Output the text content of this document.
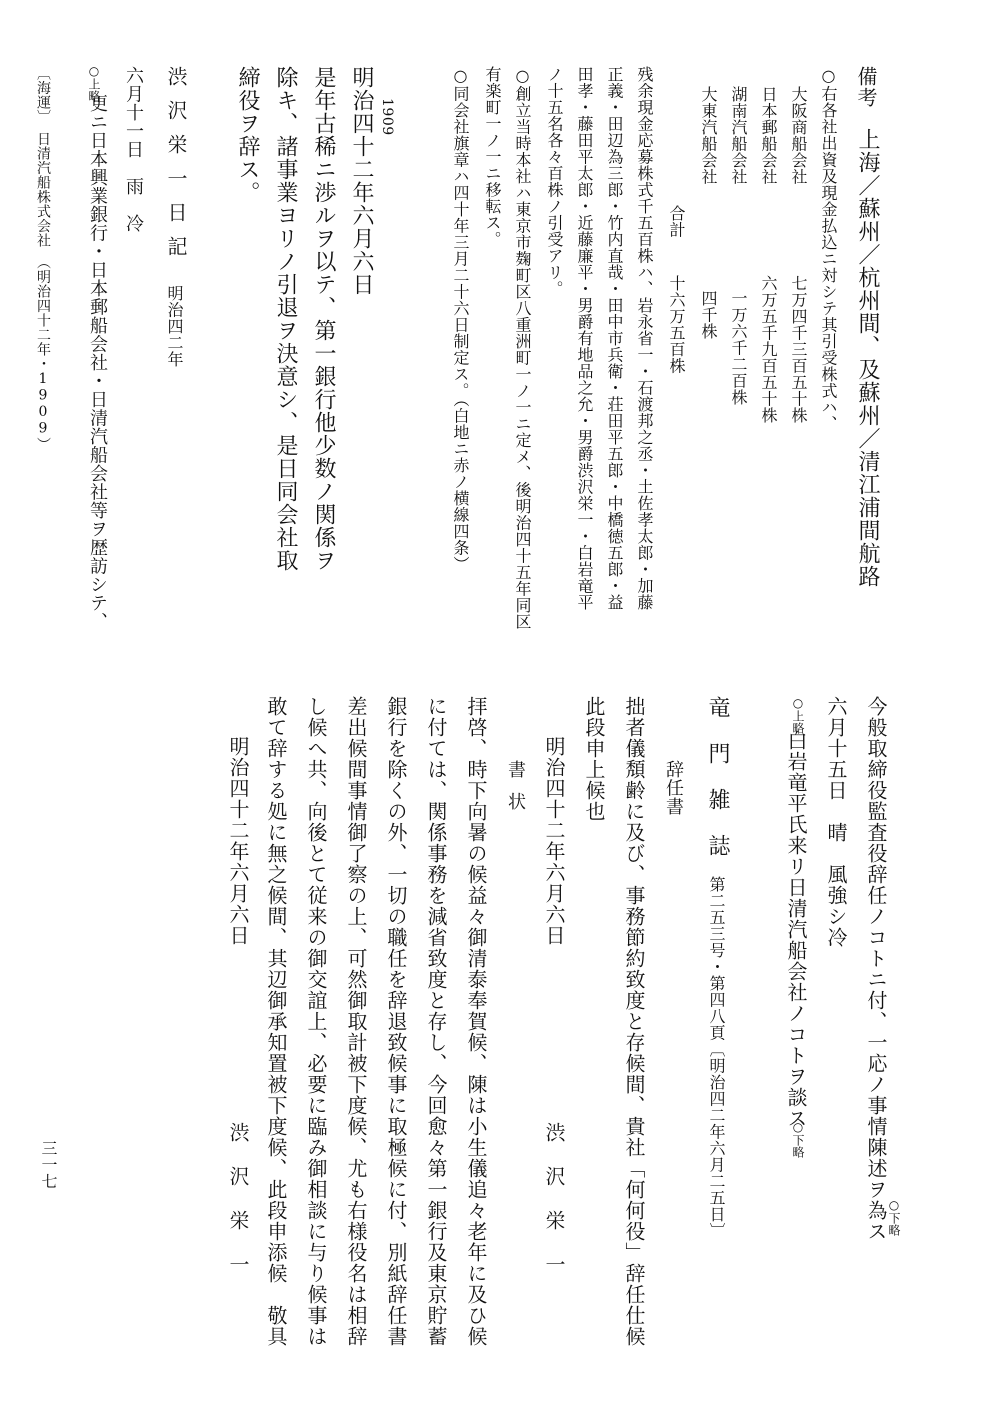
備考
上海／蘇州／杭州間、及蘇州／清江浦間航路
○右各社出資及現金払込ニ対シテ其引受株式ハ、
大阪商船会社
七万四千三百五十株
日本郵船会社
六万五千九百五十株
湖南汽船会社
一万六千二百株
大東汽船会社
四千株
合計
十六万五百株
残余現金応募株式千五百株ハ、岩永省一・石渡邦之丞・土佐孝太郎・加藤
正義・田辺為三郎・竹内直哉・田中市兵衛・荘田平五郎・中橋徳五郎・益
田孝・藤田平太郎・近藤廉平・男爵有地品之允・男爵渋沢栄一・白岩竜平
ノ十五名各々百株ノ引受アリ。
○創立当時本社ハ東京市麹町区八重洲町一ノ一ニ定メ、後明治四十五年同区
有楽町一ノ一ニ移転ス。
○同会社旗章ハ四十年三月二十六日制定ス。（白地ニ赤ノ横線四条）
1909
明治四十二年六月六日
是年古稀ニ渉ルヲ以テ、第一銀行他少数ノ関係ヲ
除キ、諸事業ヨリノ引退ヲ決意シ、是日同会社取
締役ヲ辞ス。
渋沢栄一日記
明治四二年
六月十一日　雨　冷
○上略
更ニ日本興業銀行・日本郵船会社・日清汽船会社等ヲ歴訪シテ、
〔海運〕　日清汽船株式会社　（明治四十二年・1909）
今般取締役監査役辞任ノコトニ付、一応ノ事情陳述ヲ為ス ○下略
六月十五日　晴　風強シ冷
○上略
白岩竜平氏来リ日清汽船会社ノコトヲ談ス
○下略
竜門雑誌
第二五三号・第四八頁〔明治四二年六月二五日〕
辞任書
拙者儀頽齢に及び、事務節約致度と存候間、貴社「何何役」辞任仕候
此段申上候也
明治四十二年六月六日
渋沢栄一
書状
拝啓、時下向暑の候益々御清泰奉賀候、陳は小生儀追々老年に及ひ候
に付ては、関係事務を減省致度と存し、今回愈々第一銀行及東京貯蓄
銀行を除くの外、一切の職任を辞退致候事に取極候に付、別紙辞任書
差出候間事情御了察の上、可然御取計被下度候、尤も右様役名は相辞
し候へ共、向後とて従来の御交誼上、必要に臨み御相談に与り候事は
敢て辞する処に無之候間、其辺御承知置被下度候、此段申添候　敬具
明治四十二年六月六日
渋沢栄一
三一七
